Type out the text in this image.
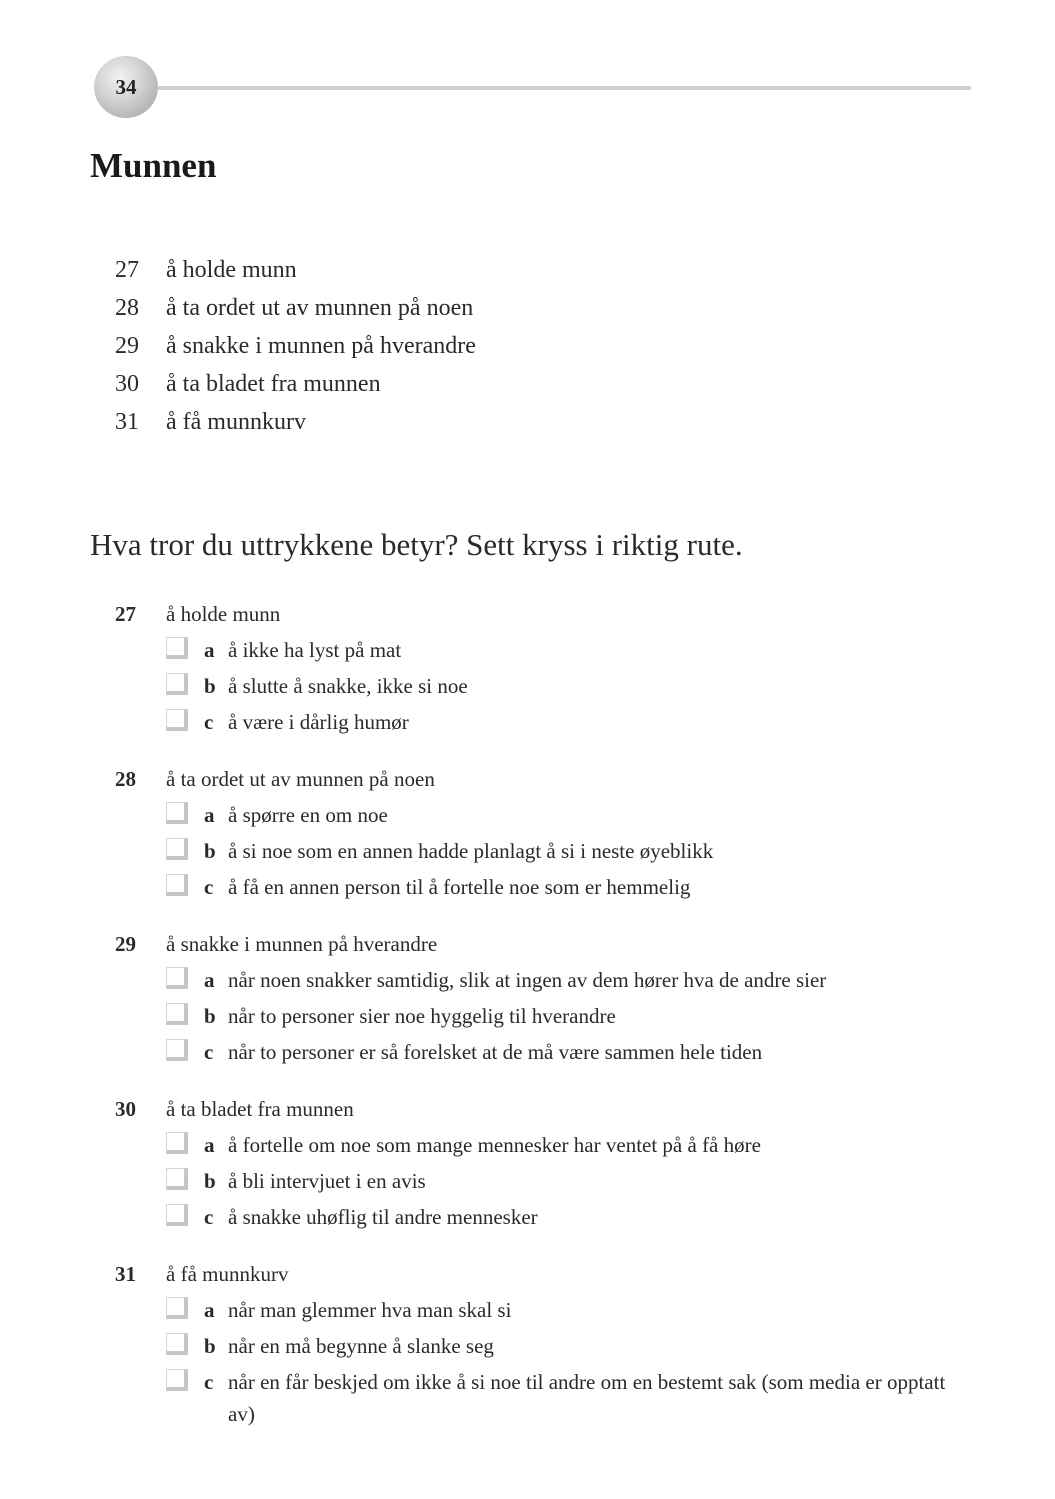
34
Munnen
27	å holde munn
28	å ta ordet ut av munnen på noen
29	å snakke i munnen på hverandre
30	å ta bladet fra munnen
31	å få munnkurv
Hva tror du uttrykkene betyr? Sett kryss i riktig rute.
27	å holde munn
a å ikke ha lyst på mat
b å slutte å snakke, ikke si noe
c å være i dårlig humør
28	å ta ordet ut av munnen på noen
a å spørre en om noe
b å si noe som en annen hadde planlagt å si i neste øyeblikk
c å få en annen person til å fortelle noe som er hemmelig
29	å snakke i munnen på hverandre
a når noen snakker samtidig, slik at ingen av dem hører hva de andre sier
b når to personer sier noe hyggelig til hverandre
c når to personer er så forelsket at de må være sammen hele tiden
30	å ta bladet fra munnen
a å fortelle om noe som mange mennesker har ventet på å få høre
b å bli intervjuet i en avis
c å snakke uhøflig til andre mennesker
31	å få munnkurv
a når man glemmer hva man skal si
b når en må begynne å slanke seg
c når en får beskjed om ikke å si noe til andre om en bestemt sak (som media er opptatt av)
